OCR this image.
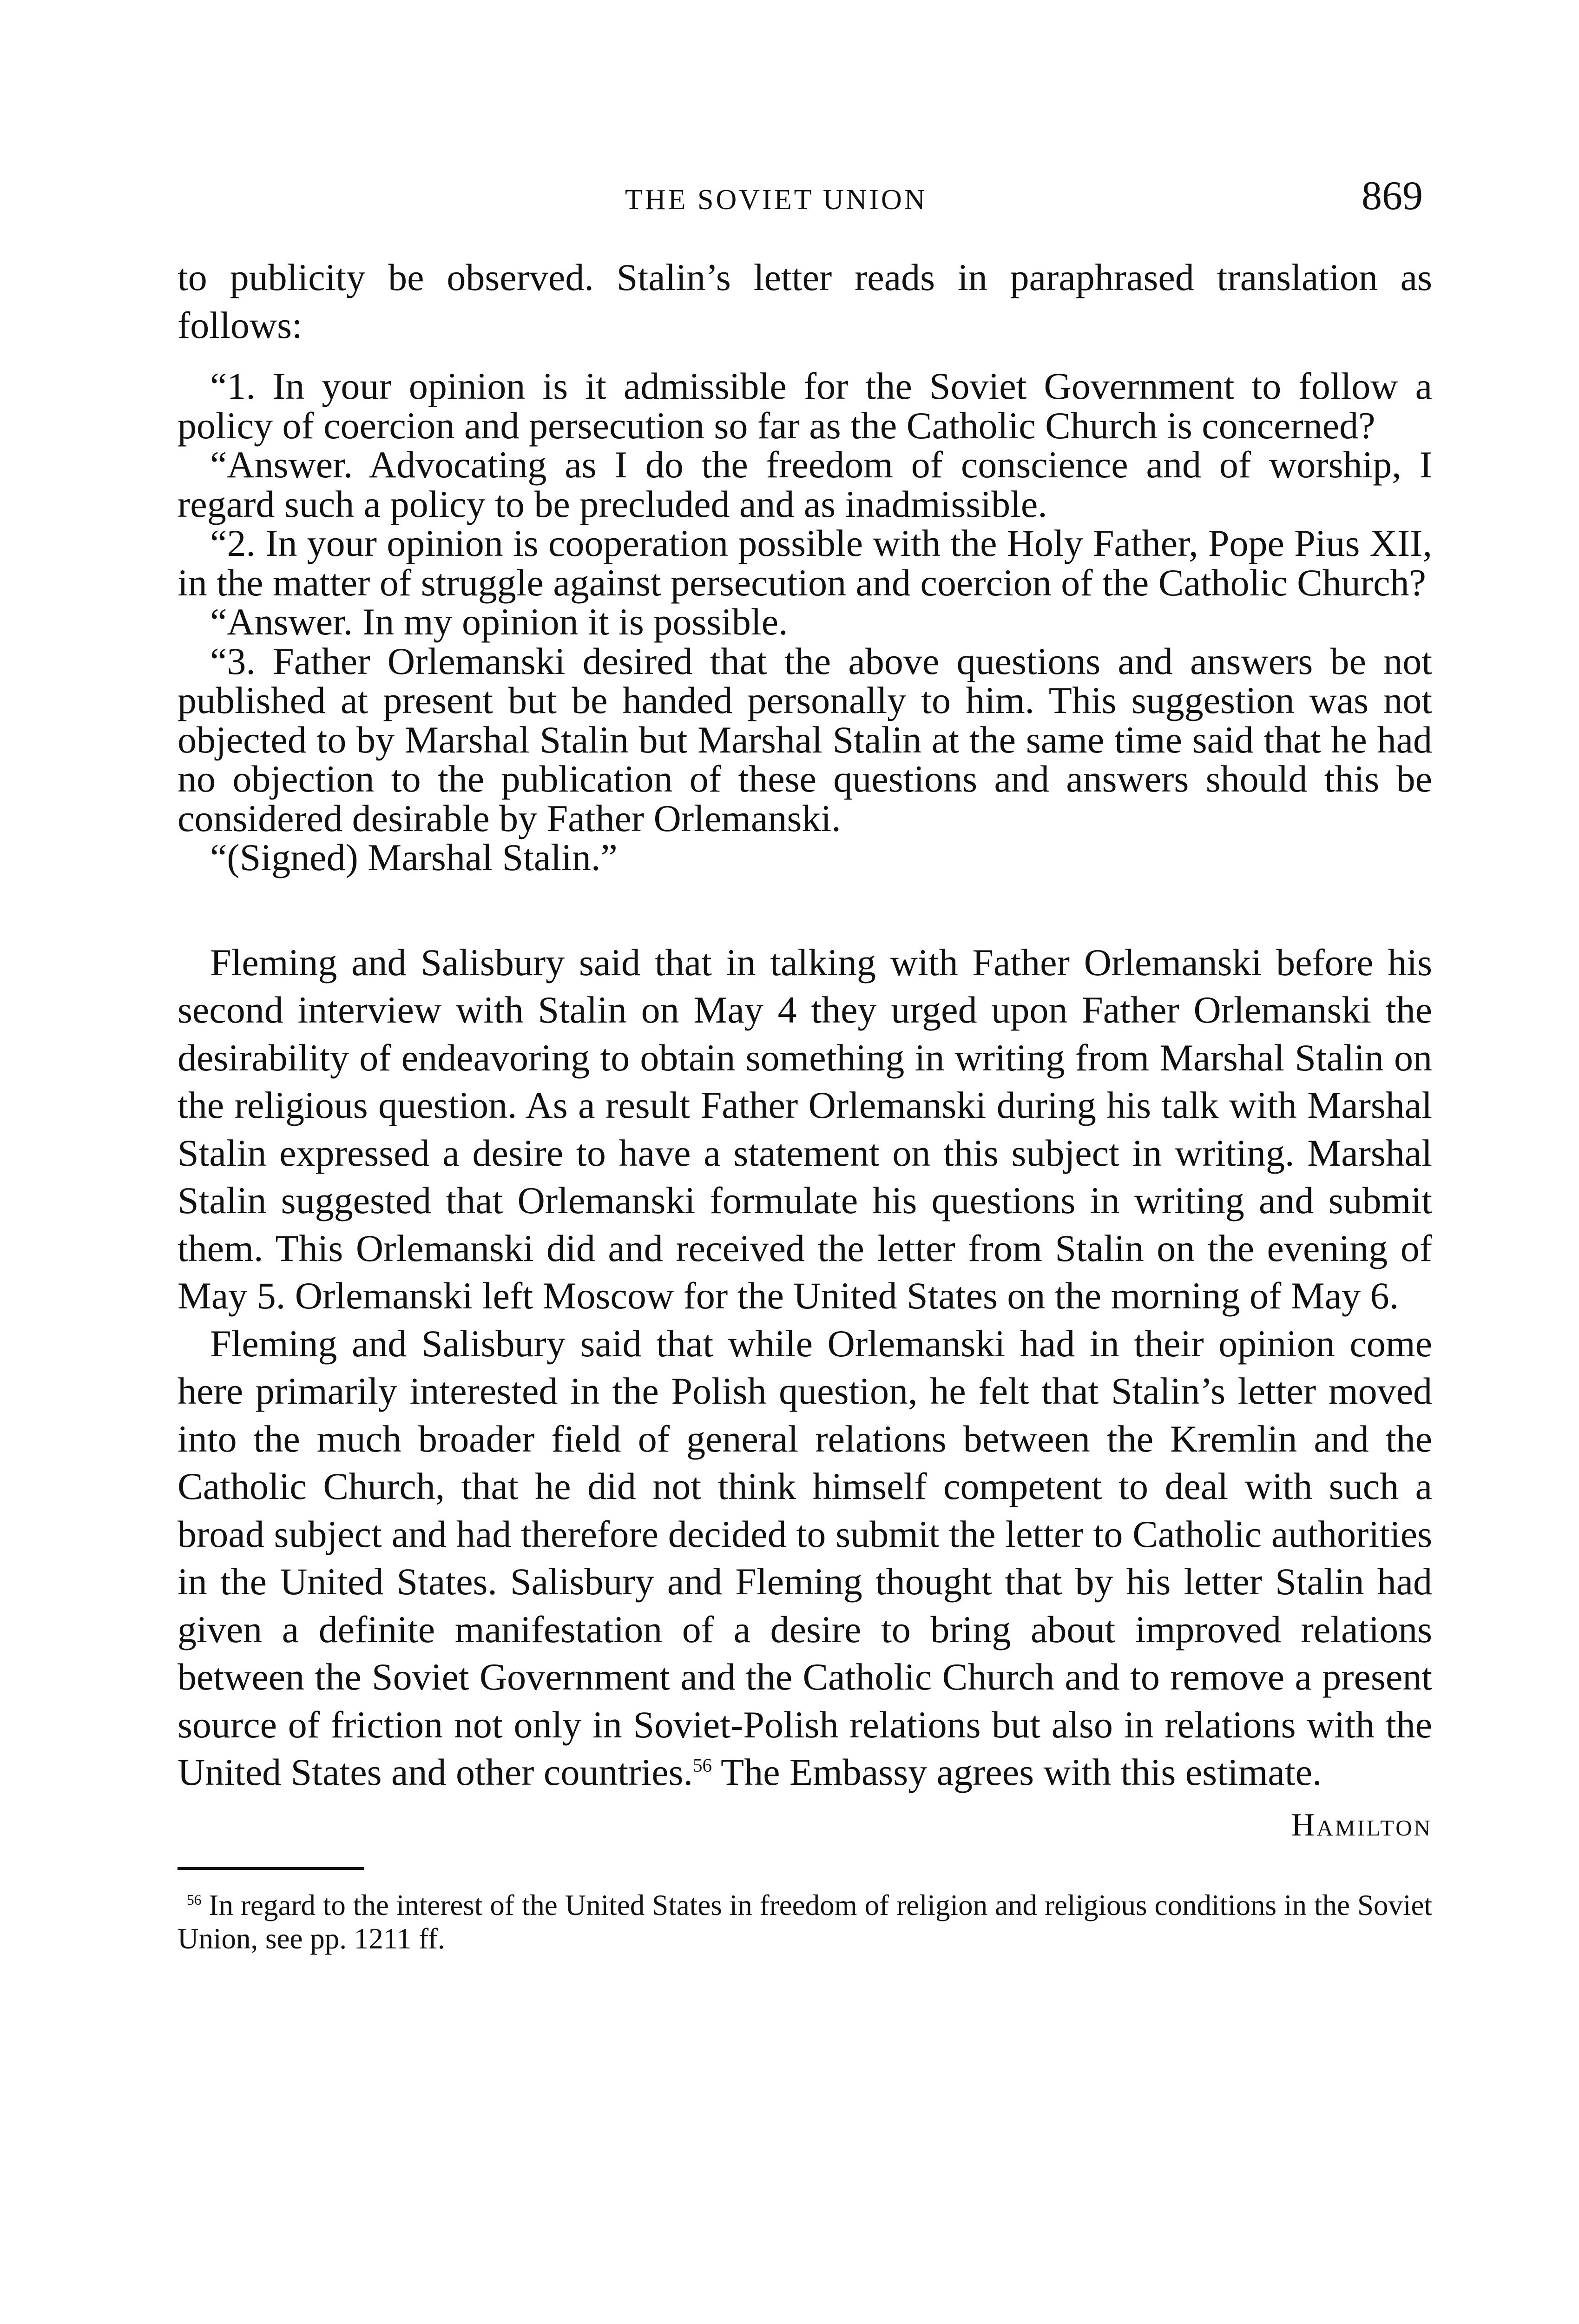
THE SOVIET UNION	869

to publicity be observed. Stalin’s letter reads in paraphrased translation as follows:

“1. In your opinion is it admissible for the Soviet Government to follow a policy of coercion and persecution so far as the Catholic Church is concerned?

“Answer. Advocating as I do the freedom of conscience and of worship, I regard such a policy to be precluded and as inadmissible.

“2. In your opinion is cooperation possible with the Holy Father, Pope Pius XII, in the matter of struggle against persecution and coercion of the Catholic Church?

“Answer. In my opinion it is possible.

“3. Father Orlemanski desired that the above questions and answers be not published at present but be handed personally to him. This suggestion was not objected to by Marshal Stalin but Marshal Stalin at the same time said that he had no objection to the publication of these questions and answers should this be considered desirable by Father Orlemanski.

“(Signed) Marshal Stalin.”

Fleming and Salisbury said that in talking with Father Orlemanski before his second interview with Stalin on May 4 they urged upon Father Orlemanski the desirability of endeavoring to obtain something in writing from Marshal Stalin on the religious question. As a result Father Orlemanski during his talk with Marshal Stalin expressed a desire to have a statement on this subject in writing. Marshal Stalin suggested that Orlemanski formulate his questions in writing and submit them. This Orlemanski did and received the letter from Stalin on the evening of May 5. Orlemanski left Moscow for the United States on the morning of May 6.

Fleming and Salisbury said that while Orlemanski had in their opinion come here primarily interested in the Polish question, he felt that Stalin’s letter moved into the much broader field of general relations between the Kremlin and the Catholic Church, that he did not think himself competent to deal with such a broad subject and had therefore decided to submit the letter to Catholic authorities in the United States. Salisbury and Fleming thought that by his letter Stalin had given a definite manifestation of a desire to bring about improved relations between the Soviet Government and the Catholic Church and to remove a present source of friction not only in Soviet-Polish relations but also in relations with the United States and other countries.$^{56}$ The Embassy agrees with this estimate.

Hamilton
$^{56}$ In regard to the interest of the United States in freedom of religion and religious conditions in the Soviet Union, see pp. 1211 ff.
